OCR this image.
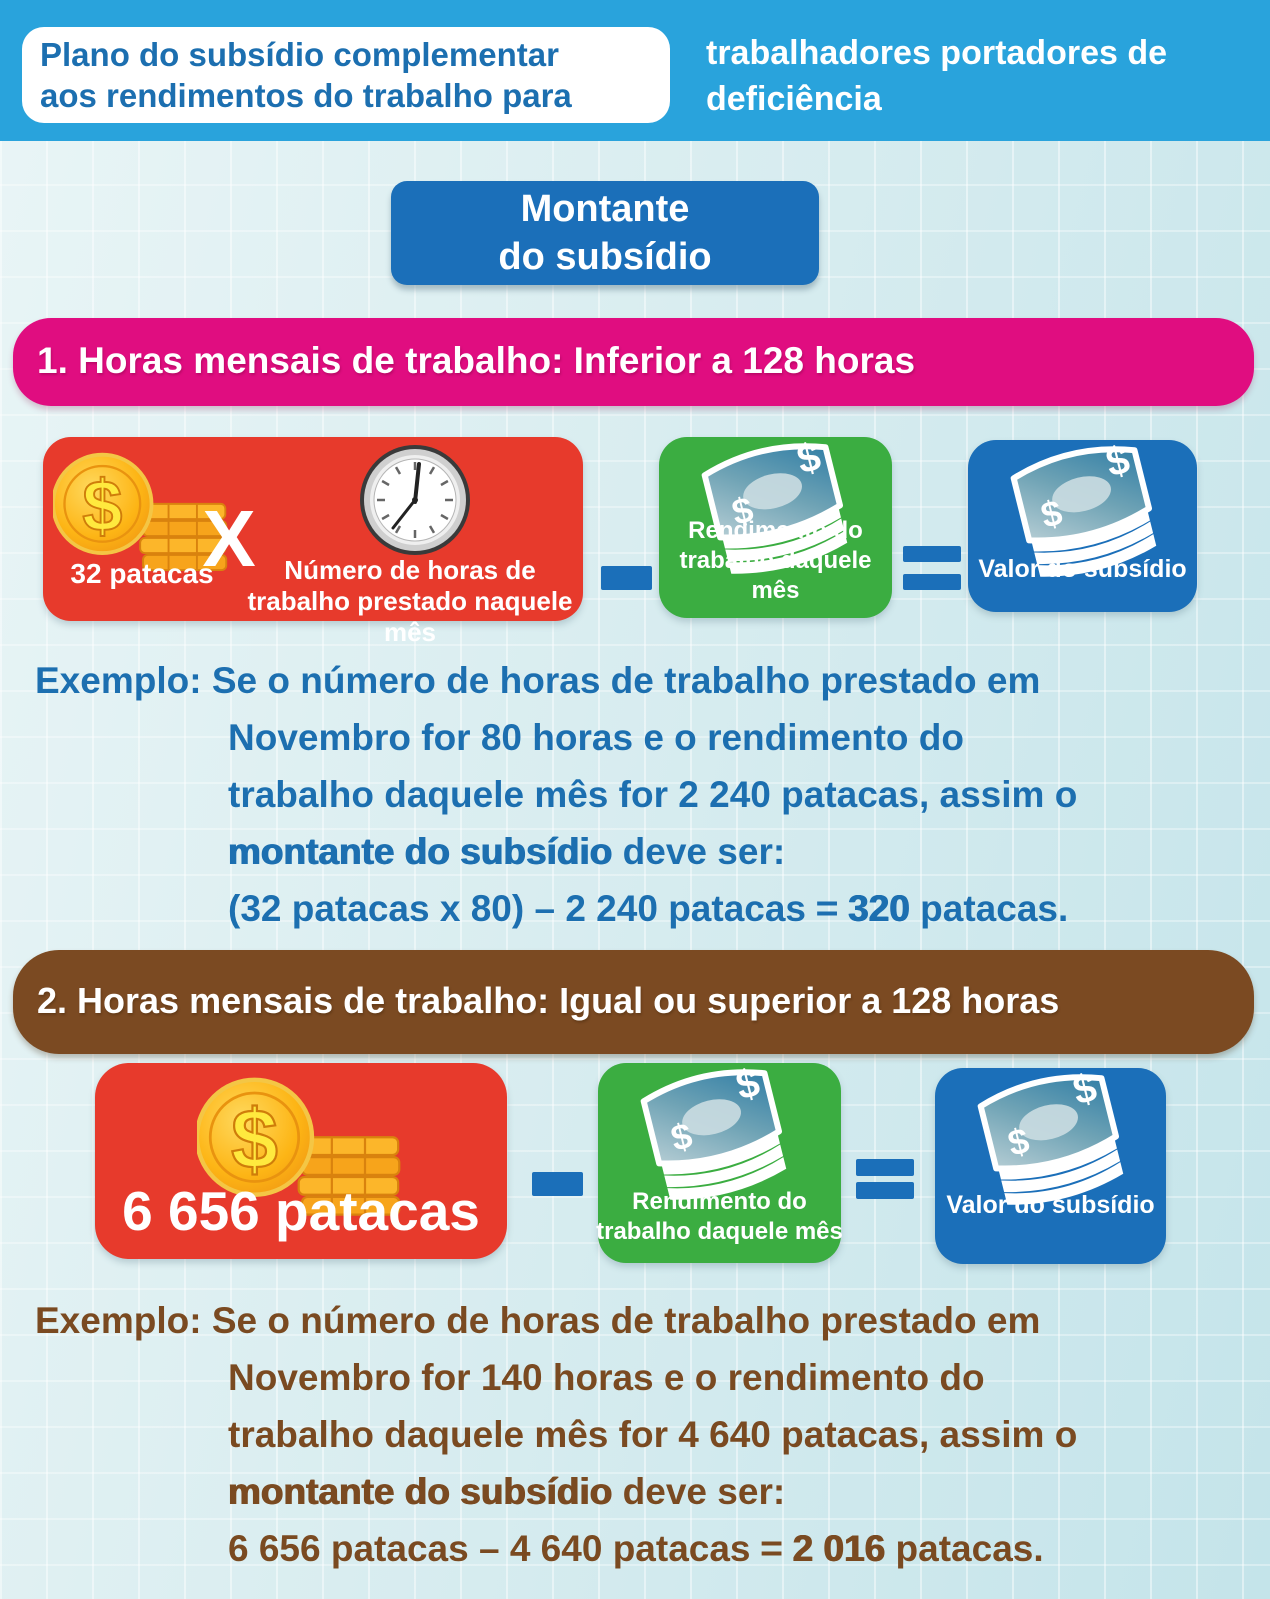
Plano do subsídio complementar
aos rendimentos do trabalho para
trabalhadores portadores de
deficiência
Montante
do subsídio
1. Horas mensais de trabalho: Inferior a 128 horas
32 patacas
X	Número de horas de
trabalho prestado naquele mês
Rendimento do
trabalho daquele mês
Valor do subsídio
Exemplo: Se o número de horas de trabalho prestado em
Novembro for 80 horas e o rendimento do
trabalho daquele mês for 2 240 patacas, assim o
montante do subsídio deve ser:
(32 patacas x 80) – 2 240 patacas = 320 patacas.
2. Horas mensais de trabalho: Igual ou superior a 128 horas
6 656 patacas	Rendimento do
trabalho daquele mês
Valor do subsídio
Exemplo: Se o número de horas de trabalho prestado em
Novembro for 140 horas e o rendimento do
trabalho daquele mês for 4 640 patacas, assim o
montante do subsídio deve ser:
6 656 patacas – 4 640 patacas = 2 016 patacas.
